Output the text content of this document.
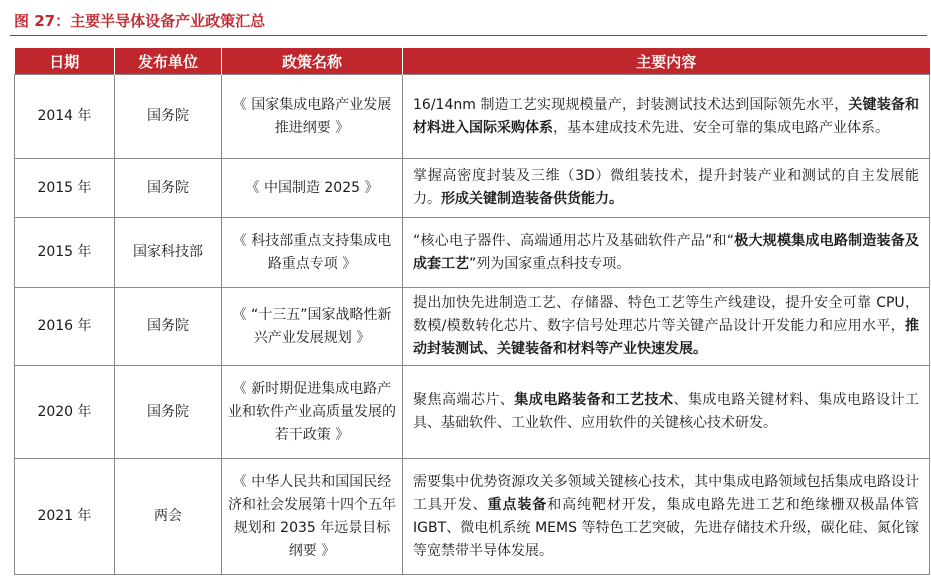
图 27：主要半导体设备产业政策汇总
日期	发布单位	政策名称	主要内容
2014 年	国务院	《 国家集成电路产业发展推进纲要 》	16/14nm 制造工艺实现规模量产，封装测试技术达到国际领先水平，关键装备和材料进入国际采购体系，基本建成技术先进、安全可靠的集成电路产业体系。
2015 年	国务院	《 中国制造 2025 》	掌握高密度封装及三维（3D）微组装技术，提升封装产业和测试的自主发展能力。形成关键制造装备供货能力。
2015 年	国家科技部	《 科技部重点支持集成电路重点专项 》	“核心电子器件、高端通用芯片及基础软件产品”和“极大规模集成电路制造装备及成套工艺”列为国家重点科技专项。
2016 年	国务院	《 “十三五”国家战略性新兴产业发展规划 》	提出加快先进制造工艺、存储器、特色工艺等生产线建设，提升安全可靠 CPU，数模/模数转化芯片、数字信号处理芯片等关键产品设计开发能力和应用水平，推动封装测试、关键装备和材料等产业快速发展。
2020 年	国务院	《 新时期促进集成电路产业和软件产业高质量发展的若干政策 》	聚焦高端芯片、集成电路装备和工艺技术、集成电路关键材料、集成电路设计工具、基础软件、工业软件、应用软件的关键核心技术研发。
2021 年	两会	《 中华人民共和国国民经济和社会发展第十四个五年规划和 2035 年远景目标纲要 》	需要集中优势资源攻关多领域关键核心技术，其中集成电路领域包括集成电路设计工具开发、重点装备和高纯靶材开发，集成电路先进工艺和绝缘栅双极晶体管 IGBT、微电机系统 MEMS 等特色工艺突破，先进存储技术升级，碳化硅、氮化镓等宽禁带半导体发展。
